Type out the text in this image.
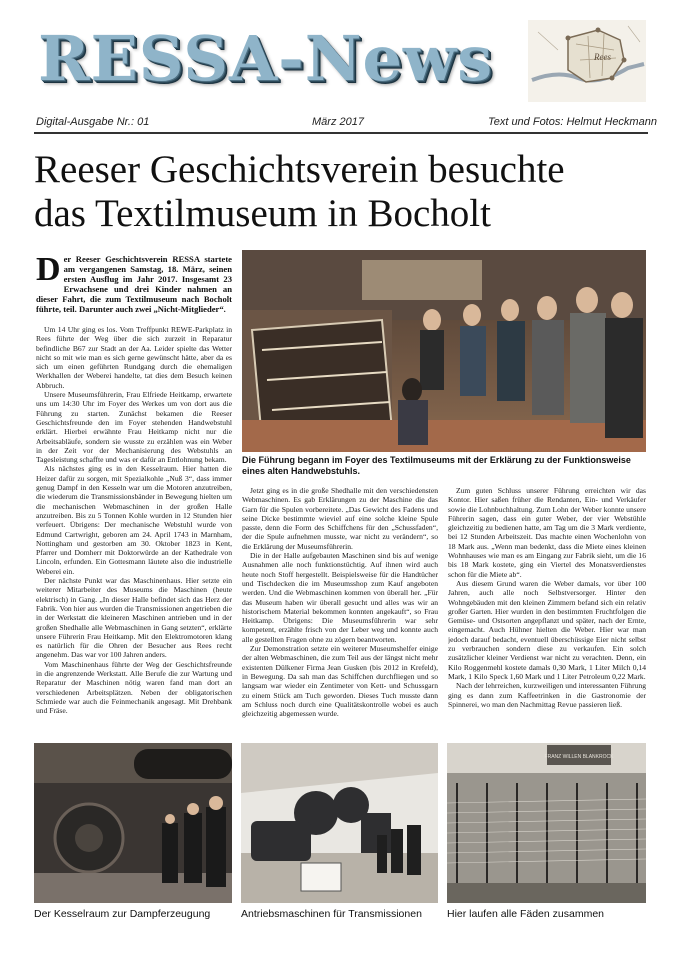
RESSA-News	Rees
Digital-Ausgabe Nr.: 01	März 2017	Text und Fotos: Helmut Heckmann
Reeser Geschichtsverein besuchte
das Textilmuseum in Bocholt
Der Reeser Geschichtsverein RESSA startete am vergangenen Samstag, 18. März, seinen ersten Ausflug im Jahr 2017. Insgesamt 23 Erwachsene und drei Kinder nahmen an dieser Fahrt, die zum Textilmuseum nach Bocholt führte, teil. Darunter auch zwei „Nicht-Mitglieder“.

Um 14 Uhr ging es los. Vom Treffpunkt REWE-Parkplatz in Rees führte der Weg über die sich zurzeit in Reparatur befindliche B67 zur Stadt an der Aa. Leider spielte das Wetter nicht so mit wie man es sich gerne gewünscht hätte, aber da es sich um einen geführten Rundgang durch die ehemaligen Werkhallen der Weberei handelte, tat dies dem Besuch keinen Abbruch.

Unsere Museumsführerin, Frau Elfriede Heitkamp, erwartete uns um 14:30 Uhr im Foyer des Werkes um von dort aus die Führung zu starten. Zunächst bekamen die Reeser Geschichtsfreunde den im Foyer stehenden Handwebstuhl erklärt. Hierbei erwähnte Frau Heitkamp nicht nur die Arbeitsabläufe, sondern sie wusste zu erzählen was ein Weber in der Zeit vor der Mechanisierung des Webstuhls an Tagesleistung schaffte und was er dafür an Entlohnung bekam.

Als nächstes ging es in den Kesselraum. Hier hatten die Heizer dafür zu sorgen, mit Spezialkohle „Nuß 3“, dass immer genug Dampf in den Kesseln war um die Motoren anzutreiben, die wiederum die Transmissionsbänder in Bewegung hielten um die mechanischen Webmaschinen in der großen Halle anzutreiben. Bis zu 5 Tonnen Kohle wurden in 12 Stunden hier verfeuert. Übrigens: Der mechanische Webstuhl wurde von Edmund Cartwright, geboren am 24. April 1743 in Marnham, Nottingham und gestorben am 30. Oktober 1823 in Kent, Pfarrer und Domherr mit Doktorwürde an der Kathedrale von Lincoln, erfunden. Ein Gottesmann läutete also die industrielle Weberei ein.

Der nächste Punkt war das Maschinenhaus. Hier setzte ein weiterer Mitarbeiter des Museums die Maschinen (heute elektrisch) in Gang. „In dieser Halle befindet sich das Herz der Fabrik. Von hier aus wurden die Transmissionen angetrieben die in der Werkstatt die kleineren Maschinen antrieben und in der großen Shedhalle alle Webmaschinen in Gang setzten“, erklärte unsere Führerin Frau Heitkamp. Mit den Elektromotoren klang es natürlich für die Ohren der Besucher aus Rees recht angenehm. Das war vor 100 Jahren anders.

Vom Maschinenhaus führte der Weg der Geschichtsfreunde in die angrenzende Werkstatt. Alle Berufe die zur Wartung und Reparatur der Maschinen nötig waren fand man dort an verschiedenen Arbeitsplätzen. Neben der obligatorischen Schmiede war auch die Feinmechanik angesagt. Mit Drehbank und Fräse.

Die Führung begann im Foyer des Textilmuseums mit der Erklärung zu der Funktionsweise eines alten Handwebstuhls.

Jetzt ging es in die große Shedhalle mit den verschiedensten Webmaschinen. Es gab Erklärungen zu der Maschine die das Garn für die Spulen vorbereitete. „Das Gewicht des Fadens und seine Dicke bestimmte wieviel auf eine solche kleine Spule passte, denn die Form des Schiffchens für den „Schussfaden“, der die Spule aufnehmen musste, war nicht zu verändern“, so die Erklärung der Museumsführerin.

Die in der Halle aufgebauten Maschinen sind bis auf wenige Ausnahmen alle noch funktionstüchtig. Auf ihnen wird auch heute noch Stoff hergestellt. Beispielsweise für die Handtücher und Tischdecken die im Museumsshop zum Kauf angeboten werden. Und die Webmaschinen kommen von überall her. „Für das Museum haben wir überall gesucht und alles was wir an historischem Material bekommen konnten angekauft“, so Frau Heitkamp. Übrigens: Die Museumsführerin war sehr kompetent, erzählte frisch von der Leber weg und konnte auch alle gestellten Fragen ohne zu zögern beantworten.

Zur Demonstration setzte ein weiterer Museumshelfer einige der alten Webmaschinen, die zum Teil aus der längst nicht mehr existenten Dülkener Firma Jean Gusken (bis 2012 in Krefeld), in Bewegung. Da sah man das Schiffchen durchfliegen und so langsam war wieder ein Zentimeter von Kett- und Schussgarn zu einem Stück am Tuch geworden. Dieses Tuch musste dann am Schluss noch durch eine Qualitätskontrolle wobei es auch gleichzeitig abgemessen wurde.

Zum guten Schluss unserer Führung erreichten wir das Kontor. Hier saßen früher die Rendanten, Ein- und Verkäufer sowie die Lohnbuchhaltung. Zum Lohn der Weber konnte unsere Führerin sagen, dass ein guter Weber, der vier Webstühle gleichzeitig zu bedienen hatte, am Tag um die 3 Mark verdiente, bei 12 Stunden Arbeitszeit. Das machte einen Wochenlohn von 18 Mark aus. „Wenn man bedenkt, dass die Miete eines kleinen Wohnhauses wie man es am Eingang zur Fabrik sieht, um die 16 bis 18 Mark kostete, ging ein Viertel des Monatsverdienstes schon für die Miete ab“.

Aus diesem Grund waren die Weber damals, vor über 100 Jahren, auch alle noch Selbstversorger. Hinter den Wohngebäuden mit den kleinen Zimmern befand sich ein relativ großer Garten. Hier wurden in den bestimmten Fruchtfolgen die Gemüse- und Ostsorten angepflanzt und später, nach der Ernte, eingemacht. Auch Hühner hielten die Weber. Hier war man jedoch darauf bedacht, eventuell überschüssige Eier nicht selbst zu verbrauchen sondern diese zu verkaufen. Ein solch zusätzlicher kleiner Verdienst war nicht zu verachten. Denn, ein Kilo Roggenmehl kostete damals 0,30 Mark, 1 Liter Milch 0,14 Mark, 1 Kilo Speck 1,60 Mark und 1 Liter Petroleum 0,22 Mark.

Nach der lehrreichen, kurzweiligen und interessanten Führung ging es dann zum Kaffeetrinken in die Gastronomie der Spinnerei, wo man den Nachmittag Revue passieren ließ.

FRANZ WILLEN BLANKROCK
Der Kesselraum zur Dampferzeugung	Antriebsmaschinen für Transmissionen	Hier laufen alle Fäden zusammen
